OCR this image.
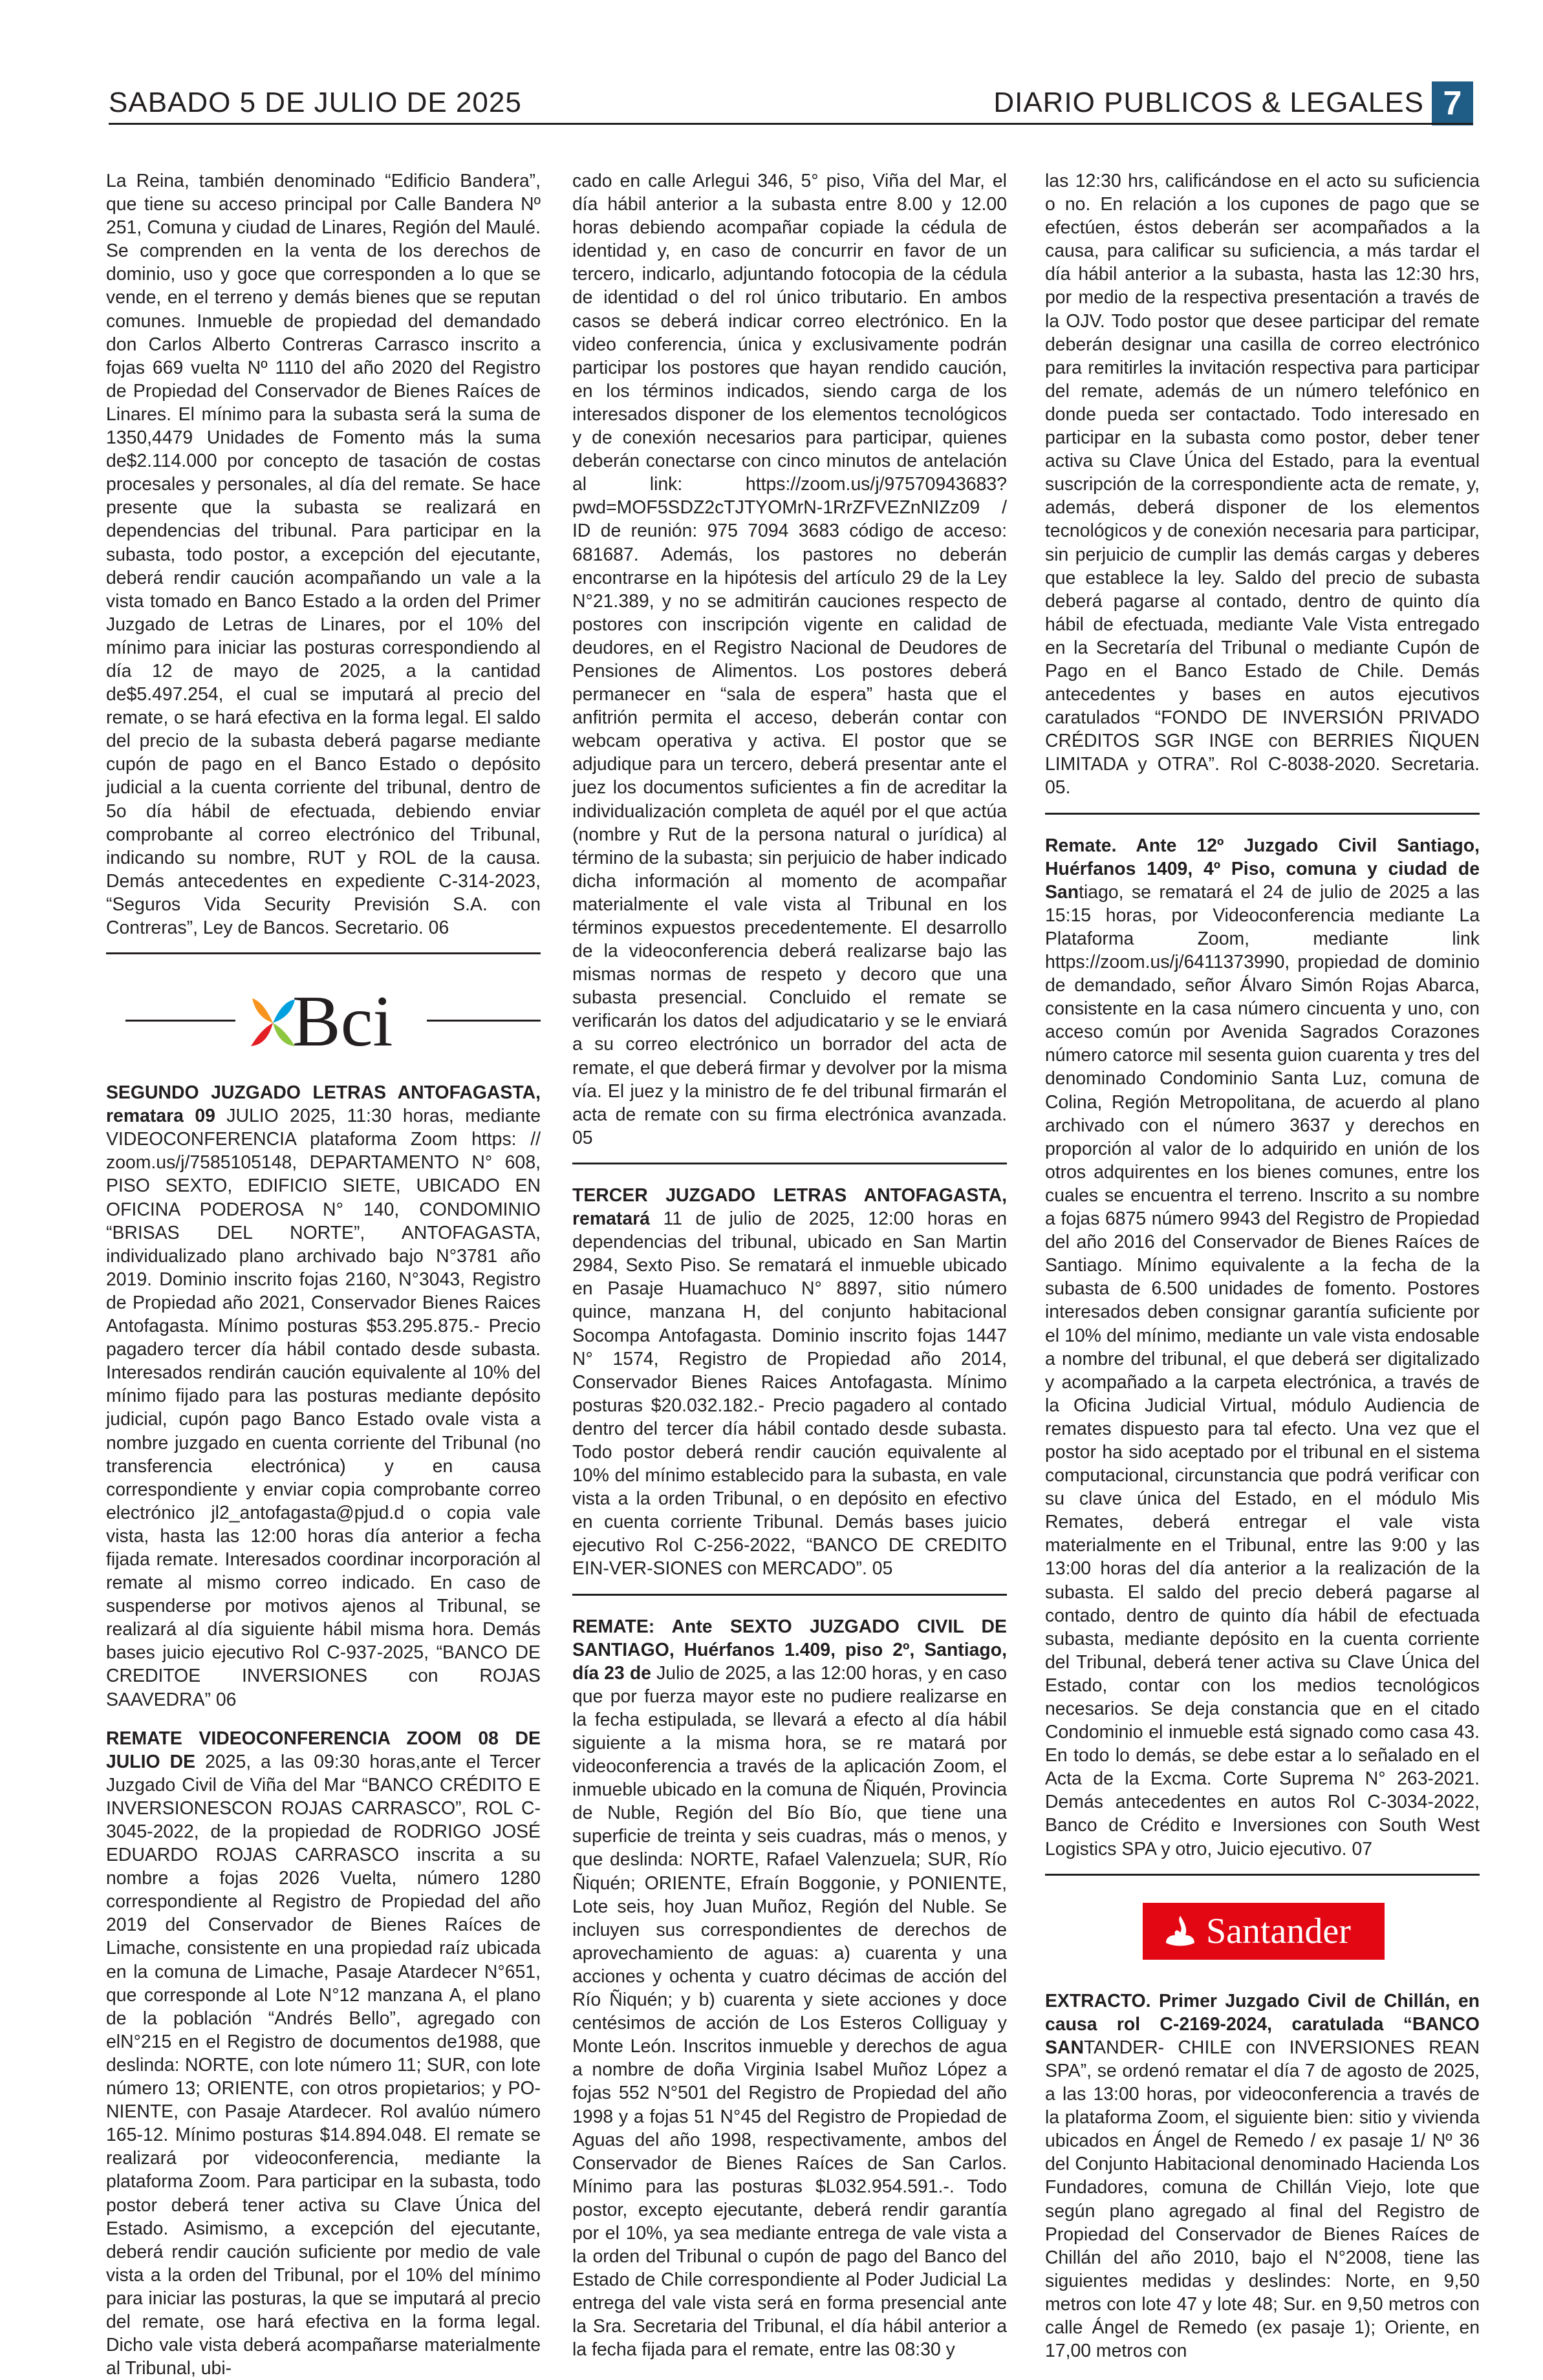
SABADO 5 DE JULIO DE 2025	DIARIO PUBLICOS & LEGALES 7

La Reina, también denominado “Edificio Bandera”, que tiene su acceso principal por Calle Bandera Nº 251, Comuna y ciudad de Linares, Región del Maulé. Se comprenden en la venta de los derechos de dominio, uso y goce que corresponden a lo que se vende, en el terreno y demás bienes que se reputan comunes. Inmueble de propiedad del demandado don Carlos Alberto Contreras Carrasco inscrito a fojas 669 vuelta Nº 1110 del año 2020 del Registro de Propiedad del Conservador de Bienes Raíces de Linares. El mínimo para la subasta será la suma de 1350,4479 Unidades de Fomento más la suma de$2.114.000 por concepto de tasación de costas procesales y personales, al día del remate. Se hace presente que la subasta se realizará en dependencias del tribunal. Para participar en la subasta, todo postor, a excepción del ejecutante, deberá rendir caución acompañando un vale a la vista tomado en Banco Estado a la orden del Primer Juzgado de Letras de Linares, por el 10% del mínimo para iniciar las posturas correspondiendo al día 12 de mayo de 2025, a la cantidad de$5.497.254, el cual se imputará al precio del remate, o se hará efectiva en la forma legal. El saldo del precio de la subasta deberá pagarse mediante cupón de pago en el Banco Estado o depósito judicial a la cuenta corriente del tribunal, dentro de 5o día hábil de efectuada, debiendo enviar comprobante al correo electrónico del Tribunal, indicando su nombre, RUT y ROL de la causa. Demás antecedentes en expediente C-314-2023, “Seguros Vida Security Previsión S.A. con Contreras”, Ley de Bancos. Secretario. 06

Bci

SEGUNDO JUZGADO LETRAS ANTOFAGASTA, rematara 09 JULIO 2025, 11:30 horas, mediante VIDEOCONFERENCIA plataforma Zoom https: // zoom.us/j/7585105148, DEPARTAMENTO N° 608, PISO SEXTO, EDIFICIO SIETE, UBICADO EN OFICINA PODEROSA N° 140, CONDOMINIO “BRISAS DEL NORTE”, ANTOFAGASTA, individualizado plano archivado bajo N°3781 año 2019. Dominio inscrito fojas 2160, N°3043, Registro de Propiedad año 2021, Conservador Bienes Raices Antofagasta. Mínimo posturas $53.295.875.- Precio pagadero tercer día hábil contado desde subasta. Interesados rendirán caución equivalente al 10% del mínimo fijado para las posturas mediante depósito judicial, cupón pago Banco Estado ovale vista a nombre juzgado en cuenta corriente del Tribunal (no transferencia electrónica) y en causa correspondiente y enviar copia comprobante correo electrónico jl2_antofagasta@pjud.d o copia vale vista, hasta las 12:00 horas día anterior a fecha fijada remate. Interesados coordinar incorporación al remate al mismo correo indicado. En caso de suspenderse por motivos ajenos al Tribunal, se realizará al día siguiente hábil misma hora. Demás bases juicio ejecutivo Rol C-937-2025, “BANCO DE CREDITOE INVERSIONES con ROJAS SAAVEDRA” 06

REMATE VIDEOCONFERENCIA ZOOM 08 DE JULIO DE 2025, a las 09:30 horas,ante el Tercer Juzgado Civil de Viña del Mar “BANCO CRÉDITO E INVERSIONESCON ROJAS CARRASCO”, ROL C-3045-2022, de la propiedad de RODRIGO JOSÉ EDUARDO ROJAS CARRASCO inscrita a su nombre a fojas 2026 Vuelta, número 1280 correspondiente al Registro de Propiedad del año 2019 del Conservador de Bienes Raíces de Limache, consistente en una propiedad raíz ubicada en la comuna de Limache, Pasaje Atardecer N°651, que corresponde al Lote N°12 manzana A, el plano de la población “Andrés Bello”, agregado con elN°215 en el Registro de documentos de1988, que deslinda: NORTE, con lote número 11; SUR, con lote número 13; ORIENTE, con otros propietarios; y PO-NIENTE, con Pasaje Atardecer. Rol avalúo número 165-12. Mínimo posturas $14.894.048. El remate se realizará por videoconferencia, mediante la plataforma Zoom. Para participar en la subasta, todo postor deberá tener activa su Clave Única del Estado. Asimismo, a excepción del ejecutante, deberá rendir caución suficiente por medio de vale vista a la orden del Tribunal, por el 10% del mínimo para iniciar las posturas, la que se imputará al precio del remate, ose hará efectiva en la forma legal. Dicho vale vista deberá acompañarse materialmente al Tribunal, ubi-

cado en calle Arlegui 346, 5° piso, Viña del Mar, el día hábil anterior a la subasta entre 8.00 y 12.00 horas debiendo acompañar copiade la cédula de identidad y, en caso de concurrir en favor de un tercero, indicarlo, adjuntando fotocopia de la cédula de identidad o del rol único tributario. En ambos casos se deberá indicar correo electrónico. En la video conferencia, única y exclusivamente podrán participar los postores que hayan rendido caución, en los términos indicados, siendo carga de los interesados disponer de los elementos tecnológicos y de conexión necesarios para participar, quienes deberán conectarse con cinco minutos de antelación al link: https://zoom.us/j/97570943683?pwd=MOF5SDZ2cTJTYOMrN-1RrZFVEZnNIZz09 / ID de reunión: 975 7094 3683 código de acceso: 681687. Además, los pastores no deberán encontrarse en la hipótesis del artículo 29 de la Ley N°21.389, y no se admitirán cauciones respecto de postores con inscripción vigente en calidad de deudores, en el Registro Nacional de Deudores de Pensiones de Alimentos. Los postores deberá permanecer en “sala de espera” hasta que el anfitrión permita el acceso, deberán contar con webcam operativa y activa. El postor que se adjudique para un tercero, deberá presentar ante el juez los documentos suficientes a fin de acreditar la individualización completa de aquél por el que actúa (nombre y Rut de la persona natural o jurídica) al término de la subasta; sin perjuicio de haber indicado dicha información al momento de acompañar materialmente el vale vista al Tribunal en los términos expuestos precedentemente. El desarrollo de la videoconferencia deberá realizarse bajo las mismas normas de respeto y decoro que una subasta presencial. Concluido el remate se verificarán los datos del adjudicatario y se le enviará a su correo electrónico un borrador del acta de remate, el que deberá firmar y devolver por la misma vía. El juez y la ministro de fe del tribunal firmarán el acta de remate con su firma electrónica avanzada. 05

TERCER JUZGADO LETRAS ANTOFAGASTA, rematará 11 de julio de 2025, 12:00 horas en dependencias del tribunal, ubicado en San Martin 2984, Sexto Piso. Se rematará el inmueble ubicado en Pasaje Huamachuco N° 8897, sitio número quince, manzana H, del conjunto habitacional Socompa Antofagasta. Dominio inscrito fojas 1447 N° 1574, Registro de Propiedad año 2014, Conservador Bienes Raices Antofagasta. Mínimo posturas $20.032.182.- Precio pagadero al contado dentro del tercer día hábil contado desde subasta. Todo postor deberá rendir caución equivalente al 10% del mínimo establecido para la subasta, en vale vista a la orden Tribunal, o en depósito en efectivo en cuenta corriente Tribunal. Demás bases juicio ejecutivo Rol C-256-2022, “BANCO DE CREDITO EIN-VER-SIONES con MERCADO”. 05

REMATE: Ante SEXTO JUZGADO CIVIL DE SANTIAGO, Huérfanos 1.409, piso 2º, Santiago, día 23 de Julio de 2025, a las 12:00 horas, y en caso que por fuerza mayor este no pudiere realizarse en la fecha estipulada, se llevará a efecto al día hábil siguiente a la misma hora, se re matará por videoconferencia a través de la aplicación Zoom, el inmueble ubicado en la comuna de Ñiquén, Provincia de Nuble, Región del Bío Bío, que tiene una superficie de treinta y seis cuadras, más o menos, y que deslinda: NORTE, Rafael Valenzuela; SUR, Río Ñiquén; ORIENTE, Efraín Boggonie, y PONIENTE, Lote seis, hoy Juan Muñoz, Región del Nuble. Se incluyen sus correspondientes de derechos de aprovechamiento de aguas: a) cuarenta y una acciones y ochenta y cuatro décimas de acción del Río Ñiquén; y b) cuarenta y siete acciones y doce centésimos de acción de Los Esteros Colliguay y Monte León. Inscritos inmueble y derechos de agua a nombre de doña Virginia Isabel Muñoz López a fojas 552 N°501 del Registro de Propiedad del año 1998 y a fojas 51 N°45 del Registro de Propiedad de Aguas del año 1998, respectivamente, ambos del Conservador de Bienes Raíces de San Carlos. Mínimo para las posturas $L032.954.591.-. Todo postor, excepto ejecutante, deberá rendir garantía por el 10%, ya sea mediante entrega de vale vista a la orden del Tribunal o cupón de pago del Banco del Estado de Chile correspondiente al Poder Judicial La entrega del vale vista será en forma presencial ante la Sra. Secretaria del Tribunal, el día hábil anterior a la fecha fijada para el remate, entre las 08:30 y

las 12:30 hrs, calificándose en el acto su suficiencia o no. En relación a los cupones de pago que se efectúen, éstos deberán ser acompañados a la causa, para calificar su suficiencia, a más tardar el día hábil anterior a la subasta, hasta las 12:30 hrs, por medio de la respectiva presentación a través de la OJV. Todo postor que desee participar del remate deberán designar una casilla de correo electrónico para remitirles la invitación respectiva para participar del remate, además de un número telefónico en donde pueda ser contactado. Todo interesado en participar en la subasta como postor, deber tener activa su Clave Única del Estado, para la eventual suscripción de la correspondiente acta de remate, y, además, deberá disponer de los elementos tecnológicos y de conexión necesaria para participar, sin perjuicio de cumplir las demás cargas y deberes que establece la ley. Saldo del precio de subasta deberá pagarse al contado, dentro de quinto día hábil de efectuada, mediante Vale Vista entregado en la Secretaría del Tribunal o mediante Cupón de Pago en el Banco Estado de Chile. Demás antecedentes y bases en autos ejecutivos caratulados “FONDO DE INVERSIÓN PRIVADO CRÉDITOS SGR INGE con BERRIES ÑIQUEN LIMITADA y OTRA”. Rol C-8038-2020. Secretaria. 05.

Remate. Ante 12º Juzgado Civil Santiago, Huérfanos 1409, 4º Piso, comuna y ciudad de Santiago, se rematará el 24 de julio de 2025 a las 15:15 horas, por Videoconferencia mediante La Plataforma Zoom, mediante link https://zoom.us/j/6411373990, propiedad de dominio de demandado, señor Álvaro Simón Rojas Abarca, consistente en la casa número cincuenta y uno, con acceso común por Avenida Sagrados Corazones número catorce mil sesenta guion cuarenta y tres del denominado Condominio Santa Luz, comuna de Colina, Región Metropolitana, de acuerdo al plano archivado con el número 3637 y derechos en proporción al valor de lo adquirido en unión de los otros adquirentes en los bienes comunes, entre los cuales se encuentra el terreno. Inscrito a su nombre a fojas 6875 número 9943 del Registro de Propiedad del año 2016 del Conservador de Bienes Raíces de Santiago. Mínimo equivalente a la fecha de la subasta de 6.500 unidades de fomento. Postores interesados deben consignar garantía suficiente por el 10% del mínimo, mediante un vale vista endosable a nombre del tribunal, el que deberá ser digitalizado y acompañado a la carpeta electrónica, a través de la Oficina Judicial Virtual, módulo Audiencia de remates dispuesto para tal efecto. Una vez que el postor ha sido aceptado por el tribunal en el sistema computacional, circunstancia que podrá verificar con su clave única del Estado, en el módulo Mis Remates, deberá entregar el vale vista materialmente en el Tribunal, entre las 9:00 y las 13:00 horas del día anterior a la realización de la subasta. El saldo del precio deberá pagarse al contado, dentro de quinto día hábil de efectuada subasta, mediante depósito en la cuenta corriente del Tribunal, deberá tener activa su Clave Única del Estado, contar con los medios tecnológicos necesarios. Se deja constancia que en el citado Condominio el inmueble está signado como casa 43. En todo lo demás, se debe estar a lo señalado en el Acta de la Excma. Corte Suprema N° 263-2021. Demás antecedentes en autos Rol C-3034-2022, Banco de Crédito e Inversiones con South West Logistics SPA y otro, Juicio ejecutivo. 07

Santander

EXTRACTO. Primer Juzgado Civil de Chillán, en causa rol C-2169-2024, caratulada “BANCO SANTANDER- CHILE con INVERSIONES REAN SPA”, se ordenó rematar el día 7 de agosto de 2025, a las 13:00 horas, por videoconferencia a través de la plataforma Zoom, el siguiente bien: sitio y vivienda ubicados en Ángel de Remedo / ex pasaje 1/ Nº 36 del Conjunto Habitacional denominado Hacienda Los Fundadores, comuna de Chillán Viejo, lote que según plano agregado al final del Registro de Propiedad del Conservador de Bienes Raíces de Chillán del año 2010, bajo el N°2008, tiene las siguientes medidas y deslindes: Norte, en 9,50 metros con lote 47 y lote 48; Sur. en 9,50 metros con calle Ángel de Remedo (ex pasaje 1); Oriente, en 17,00 metros con
